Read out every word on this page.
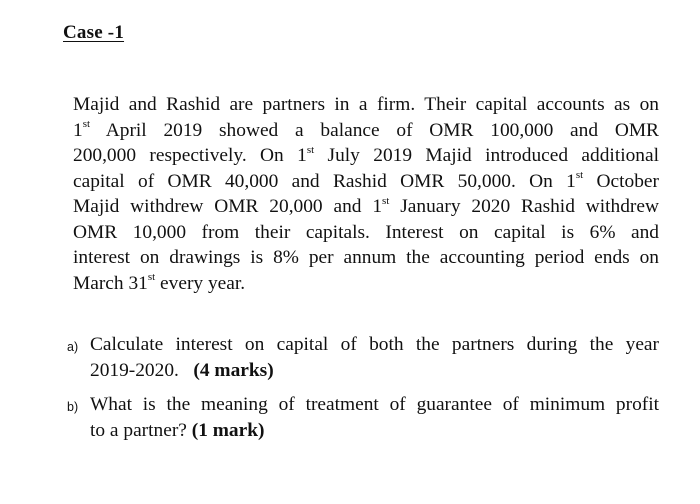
Case -1
Majid and Rashid are partners in a firm. Their capital accounts as on
1st April 2019 showed a balance of OMR 100,000 and OMR
200,000 respectively. On 1st July 2019 Majid introduced additional
capital of OMR 40,000 and Rashid OMR 50,000. On 1st October
Majid withdrew OMR 20,000 and 1st January 2020 Rashid withdrew
OMR 10,000 from their capitals. Interest on capital is 6% and
interest on drawings is 8% per annum the accounting period ends on
March 31st every year.
a) Calculate interest on capital of both the partners during the year
2019-2020. (4 marks)
b) What is the meaning of treatment of guarantee of minimum profit
to a partner? (1 mark)
